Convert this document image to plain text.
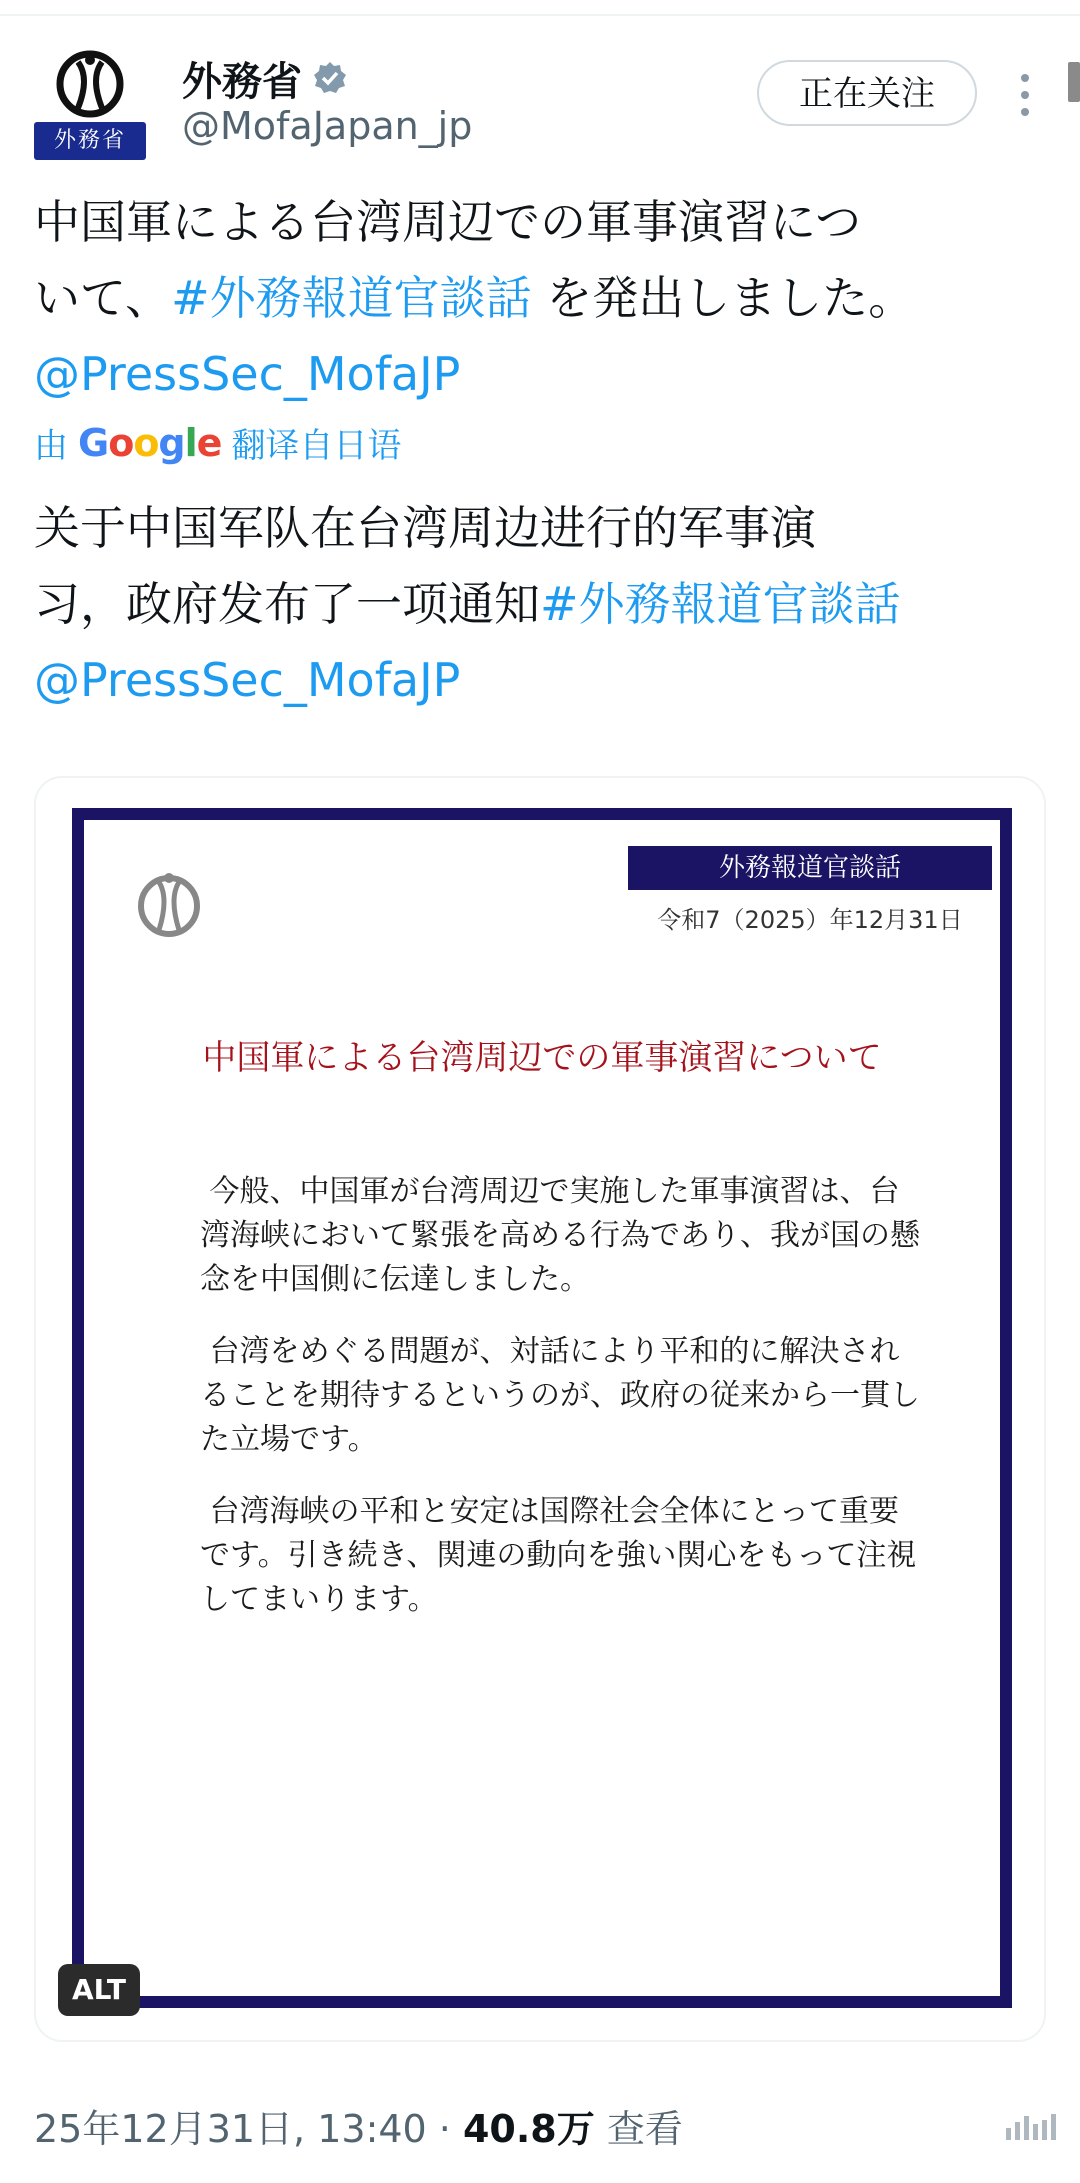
外務省
外務省
@MofaJapan_jp
正在关注
中国軍による台湾周辺での軍事演習につ
いて、#外務報道官談話 を発出しました。
@PressSec_MofaJP
由 Google 翻译自日语
关于中国军队在台湾周边进行的军事演
习，政府发布了一项通知#外務報道官談話
@PressSec_MofaJP
外務報道官談話
令和7（2025）年12月31日
中国軍による台湾周辺での軍事演習について
今般、中国軍が台湾周辺で実施した軍事演習は、台湾海峡において緊張を高める行為であり、我が国の懸念を中国側に伝達しました。
台湾をめぐる問題が、対話により平和的に解決されることを期待するというのが、政府の従来から一貫した立場です。
台湾海峡の平和と安定は国際社会全体にとって重要です。引き続き、関連の動向を強い関心をもって注視してまいります。
ALT
25年12月31日, 13:40 · 40.8万 查看
